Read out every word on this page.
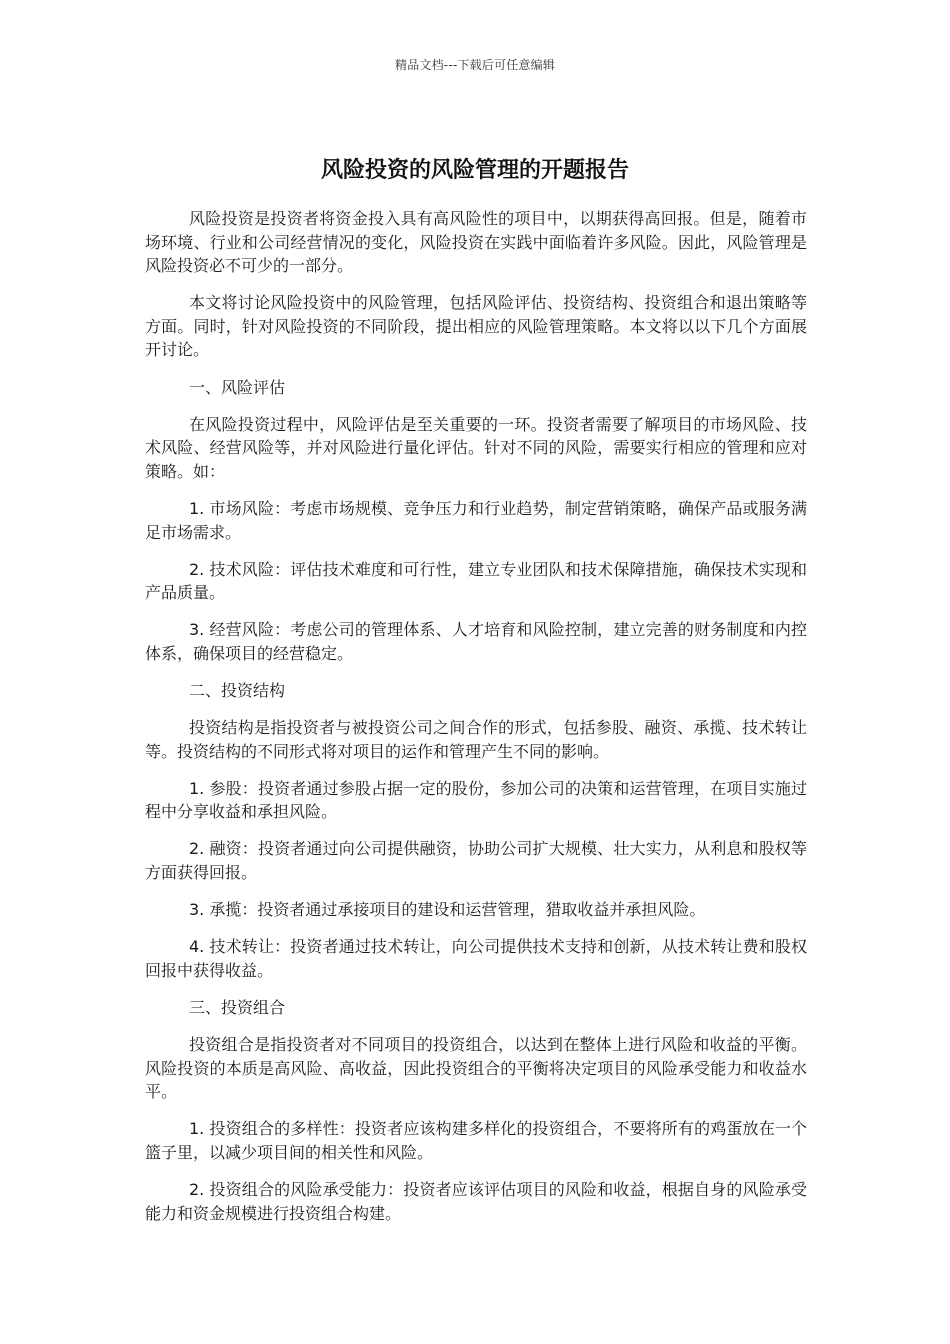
精品文档---下载后可任意编辑
风险投资的风险管理的开题报告

风险投资是投资者将资金投入具有高风险性的项目中，以期获得高回报。但是，随着市场环境、行业和公司经营情况的变化，风险投资在实践中面临着许多风险。因此，风险管理是风险投资必不可少的一部分。

本文将讨论风险投资中的风险管理，包括风险评估、投资结构、投资组合和退出策略等方面。同时，针对风险投资的不同阶段，提出相应的风险管理策略。本文将以以下几个方面展开讨论。

一、风险评估

在风险投资过程中，风险评估是至关重要的一环。投资者需要了解项目的市场风险、技术风险、经营风险等，并对风险进行量化评估。针对不同的风险，需要实行相应的管理和应对策略。如：

1. 市场风险：考虑市场规模、竞争压力和行业趋势，制定营销策略，确保产品或服务满足市场需求。

2. 技术风险：评估技术难度和可行性，建立专业团队和技术保障措施，确保技术实现和产品质量。

3. 经营风险：考虑公司的管理体系、人才培育和风险控制，建立完善的财务制度和内控体系，确保项目的经营稳定。

二、投资结构

投资结构是指投资者与被投资公司之间合作的形式，包括参股、融资、承揽、技术转让等。投资结构的不同形式将对项目的运作和管理产生不同的影响。

1. 参股：投资者通过参股占据一定的股份，参加公司的决策和运营管理，在项目实施过程中分享收益和承担风险。

2. 融资：投资者通过向公司提供融资，协助公司扩大规模、壮大实力，从利息和股权等方面获得回报。

3. 承揽：投资者通过承接项目的建设和运营管理，猎取收益并承担风险。

4. 技术转让：投资者通过技术转让，向公司提供技术支持和创新，从技术转让费和股权回报中获得收益。

三、投资组合

投资组合是指投资者对不同项目的投资组合，以达到在整体上进行风险和收益的平衡。风险投资的本质是高风险、高收益，因此投资组合的平衡将决定项目的风险承受能力和收益水平。

1. 投资组合的多样性：投资者应该构建多样化的投资组合，不要将所有的鸡蛋放在一个篮子里，以减少项目间的相关性和风险。

2. 投资组合的风险承受能力：投资者应该评估项目的风险和收益，根据自身的风险承受能力和资金规模进行投资组合构建。
